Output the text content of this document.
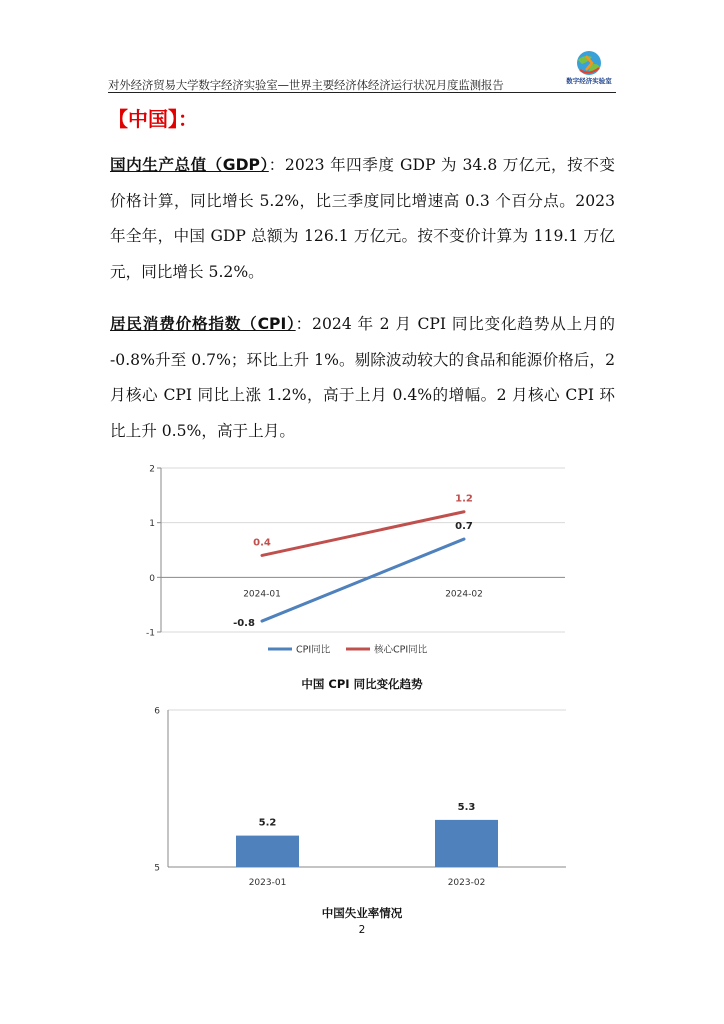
对外经济贸易大学数字经济实验室—世界主要经济体经济运行状况月度监测报告	数字经济实验室
【中国】：
国内生产总值（GDP）：2023 年四季度 GDP 为 34.8 万亿元，按不变价格计算，同比增长 5.2%，比三季度同比增速高 0.3 个百分点。2023 年全年，中国 GDP 总额为 126.1 万亿元。按不变价计算为 119.1 万亿元，同比增长 5.2%。
居民消费价格指数（CPI）：2024 年 2 月 CPI 同比变化趋势从上月的 -0.8%升至 0.7%；环比上升 1%。剔除波动较大的食品和能源价格后，2 月核心 CPI 同比上涨 1.2%，高于上月 0.4%的增幅。2 月核心 CPI 环比上升 0.5%，高于上月。
-1
0
1
2
2024-01	2024-02
-0.8
0.7
0.4
1.2
CPI同比	核心CPI同比
中国 CPI 同比变化趋势
5
6
5.2
2023-01
5.3
2023-02
中国失业率情况
2
